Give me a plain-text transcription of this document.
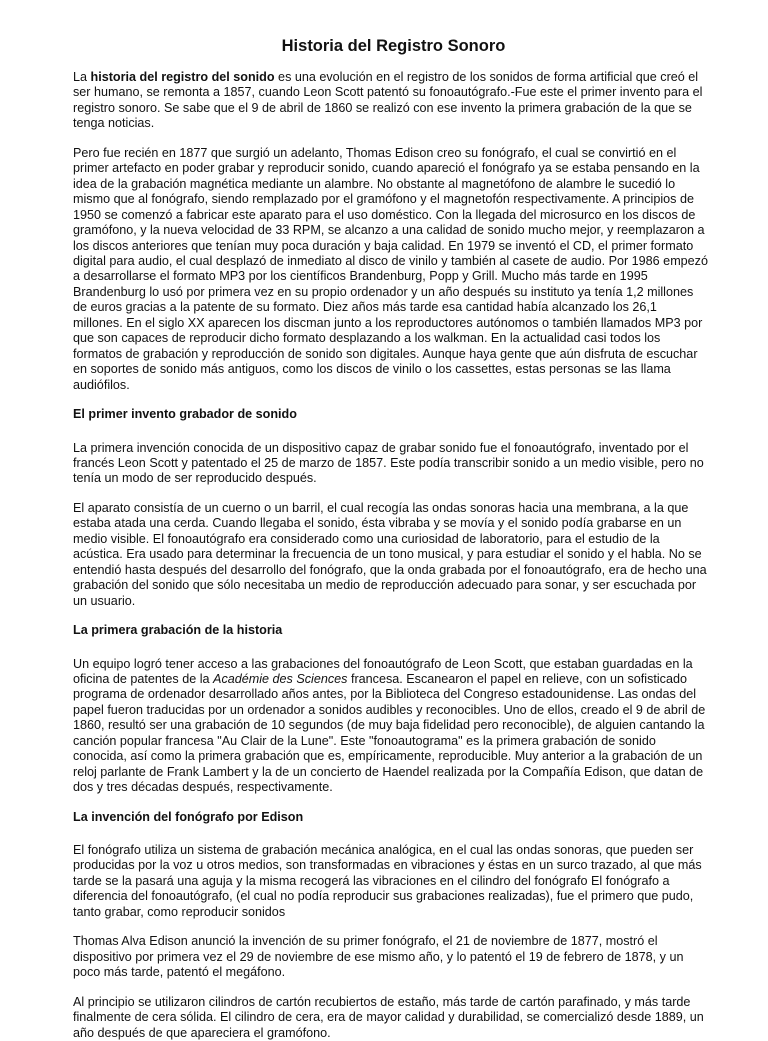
Historia del Registro Sonoro

La historia del registro del sonido es una evolución en el registro de los sonidos de forma artificial que creó el ser humano, se remonta a 1857, cuando Leon Scott patentó su fonoautógrafo.-Fue este el primer invento para el registro sonoro. Se sabe que el 9 de abril de 1860 se realizó con ese invento la primera grabación de la que se tenga noticias.

Pero fue recién en 1877 que surgió un adelanto, Thomas Edison creo su fonógrafo, el cual se convirtió en el primer artefacto en poder grabar y reproducir sonido, cuando apareció el fonógrafo ya se estaba pensando en la idea de la grabación magnética mediante un alambre. No obstante al magnetófono de alambre le sucedió lo mismo que al fonógrafo, siendo remplazado por el gramófono y el magnetofón respectivamente. A principios de 1950 se comenzó a fabricar este aparato para el uso doméstico. Con la llegada del microsurco en los discos de gramófono, y la nueva velocidad de 33 RPM, se alcanzo a una calidad de sonido mucho mejor, y reemplazaron a los discos anteriores que tenían muy poca duración y baja calidad. En 1979 se inventó el CD, el primer formato digital para audio, el cual desplazó de inmediato al disco de vinilo y también al casete de audio. Por 1986 empezó a desarrollarse el formato MP3 por los científicos Brandenburg, Popp y Grill. Mucho más tarde en 1995 Brandenburg lo usó por primera vez en su propio ordenador y un año después su instituto ya tenía 1,2 millones de euros gracias a la patente de su formato. Diez años más tarde esa cantidad había alcanzado los 26,1 millones. En el siglo XX aparecen los discman junto a los reproductores autónomos o también llamados MP3 por que son capaces de reproducir dicho formato desplazando a los walkman. En la actualidad casi todos los formatos de grabación y reproducción de sonido son digitales. Aunque haya gente que aún disfruta de escuchar en soportes de sonido más antiguos, como los discos de vinilo o los cassettes, estas personas se las llama audiófilos.

El primer invento grabador de sonido

La primera invención conocida de un dispositivo capaz de grabar sonido fue el fonoautógrafo, inventado por el francés Leon Scott y patentado el 25 de marzo de 1857. Este podía transcribir sonido a un medio visible, pero no tenía un modo de ser reproducido después.

El aparato consistía de un cuerno o un barril, el cual recogía las ondas sonoras hacia una membrana, a la que estaba atada una cerda. Cuando llegaba el sonido, ésta vibraba y se movía y el sonido podía grabarse en un medio visible. El fonoautógrafo era considerado como una curiosidad de laboratorio, para el estudio de la acústica. Era usado para determinar la frecuencia de un tono musical, y para estudiar el sonido y el habla. No se entendió hasta después del desarrollo del fonógrafo, que la onda grabada por el fonoautógrafo, era de hecho una grabación del sonido que sólo necesitaba un medio de reproducción adecuado para sonar, y ser escuchada por un usuario.

La primera grabación de la historia

Un equipo logró tener acceso a las grabaciones del fonoautógrafo de Leon Scott, que estaban guardadas en la oficina de patentes de la Académie des Sciences francesa. Escanearon el papel en relieve, con un sofisticado programa de ordenador desarrollado años antes, por la Biblioteca del Congreso estadounidense. Las ondas del papel fueron traducidas por un ordenador a sonidos audibles y reconocibles. Uno de ellos, creado el 9 de abril de 1860, resultó ser una grabación de 10 segundos (de muy baja fidelidad pero reconocible), de alguien cantando la canción popular francesa "Au Clair de la Lune". Este "fonoautograma" es la primera grabación de sonido conocida, así como la primera grabación que es, empíricamente, reproducible. Muy anterior a la grabación de un reloj parlante de Frank Lambert y la de un concierto de Haendel realizada por la Compañía Edison, que datan de dos y tres décadas después, respectivamente.

La invención del fonógrafo por Edison

El fonógrafo utiliza un sistema de grabación mecánica analógica, en el cual las ondas sonoras, que pueden ser producidas por la voz u otros medios, son transformadas en vibraciones y éstas en un surco trazado, al que más tarde se la pasará una aguja y la misma recogerá las vibraciones en el cilindro del fonógrafo El fonógrafo a diferencia del fonoautógrafo, (el cual no podía reproducir sus grabaciones realizadas), fue el primero que pudo, tanto grabar, como reproducir sonidos

Thomas Alva Edison anunció la invención de su primer fonógrafo, el 21 de noviembre de 1877, mostró el dispositivo por primera vez el 29 de noviembre de ese mismo año, y lo patentó el 19 de febrero de 1878, y un poco más tarde, patentó el megáfono.

Al principio se utilizaron cilindros de cartón recubiertos de estaño, más tarde de cartón parafinado, y más tarde finalmente de cera sólida. El cilindro de cera, era de mayor calidad y durabilidad, se comercializó desde 1889, un año después de que apareciera el gramófono.
